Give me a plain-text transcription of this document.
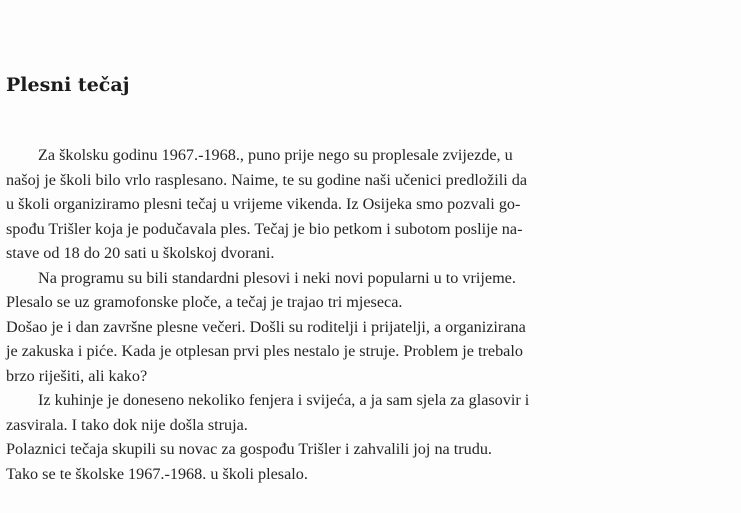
Plesni tečaj
Za školsku godinu 1967.-1968., puno prije nego su proplesale zvijezde, u
našoj je školi bilo vrlo rasplesano. Naime, te su godine naši učenici predložili da
u školi organiziramo plesni tečaj u vrijeme vikenda. Iz Osijeka smo pozvali go-
spođu Trišler koja je podučavala ples. Tečaj je bio petkom i subotom poslije na-
stave od 18 do 20 sati u školskoj dvorani.
Na programu su bili standardni plesovi i neki novi popularni u to vrijeme.
Plesalo se uz gramofonske ploče, a tečaj je trajao tri mjeseca.
Došao je i dan završne plesne večeri. Došli su roditelji i prijatelji, a organizirana
je zakuska i piće. Kada je otplesan prvi ples nestalo je struje. Problem je trebalo
brzo riješiti, ali kako?
Iz kuhinje je doneseno nekoliko fenjera i svijeća, a ja sam sjela za glasovir i
zasvirala. I tako dok nije došla struja.
Polaznici tečaja skupili su novac za gospođu Trišler i zahvalili joj na trudu.
Tako se te školske 1967.-1968. u školi plesalo.
